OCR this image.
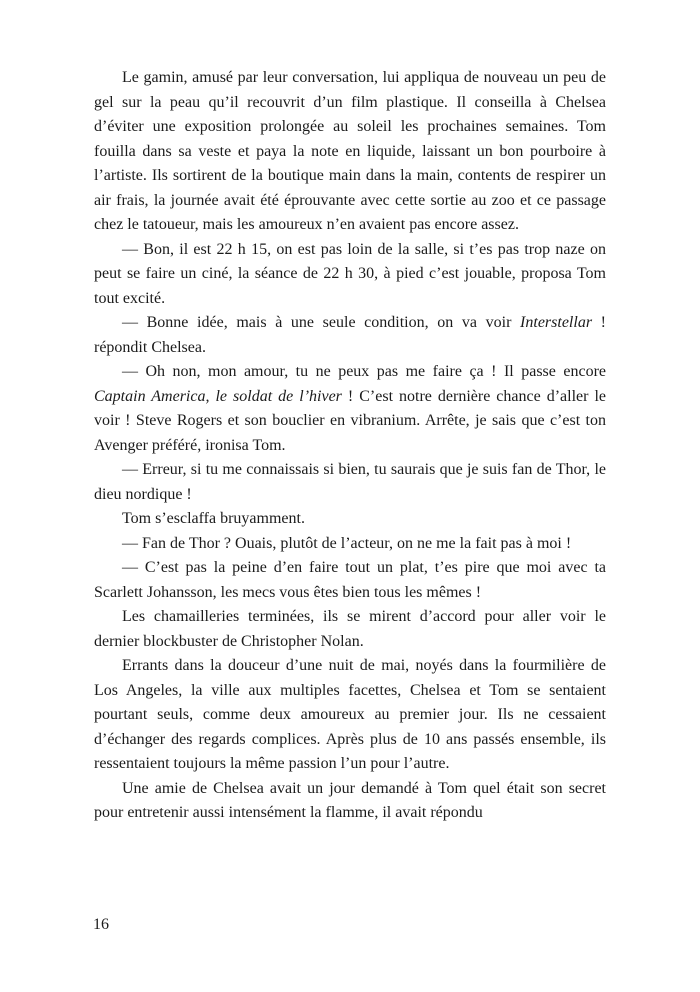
Le gamin, amusé par leur conversation, lui appliqua de nouveau un peu de gel sur la peau qu’il recouvrit d’un film plastique. Il conseilla à Chelsea d’éviter une exposition prolongée au soleil les prochaines semaines. Tom fouilla dans sa veste et paya la note en liquide, laissant un bon pourboire à l’artiste. Ils sortirent de la boutique main dans la main, contents de respirer un air frais, la journée avait été éprouvante avec cette sortie au zoo et ce passage chez le tatoueur, mais les amoureux n’en avaient pas encore assez.

— Bon, il est 22 h 15, on est pas loin de la salle, si t’es pas trop naze on peut se faire un ciné, la séance de 22 h 30, à pied c’est jouable, proposa Tom tout excité.

— Bonne idée, mais à une seule condition, on va voir Interstellar ! répondit Chelsea.

— Oh non, mon amour, tu ne peux pas me faire ça ! Il passe encore Captain America, le soldat de l’hiver ! C’est notre dernière chance d’aller le voir ! Steve Rogers et son bouclier en vibranium. Arrête, je sais que c’est ton Avenger préféré, ironisa Tom.

— Erreur, si tu me connaissais si bien, tu saurais que je suis fan de Thor, le dieu nordique !

Tom s’esclaffa bruyamment.

— Fan de Thor ? Ouais, plutôt de l’acteur, on ne me la fait pas à moi !

— C’est pas la peine d’en faire tout un plat, t’es pire que moi avec ta Scarlett Johansson, les mecs vous êtes bien tous les mêmes !

Les chamailleries terminées, ils se mirent d’accord pour aller voir le dernier blockbuster de Christopher Nolan.

Errants dans la douceur d’une nuit de mai, noyés dans la fourmilière de Los Angeles, la ville aux multiples facettes, Chelsea et Tom se sentaient pourtant seuls, comme deux amoureux au premier jour. Ils ne cessaient d’échanger des regards complices. Après plus de 10 ans passés ensemble, ils ressentaient toujours la même passion l’un pour l’autre.

Une amie de Chelsea avait un jour demandé à Tom quel était son secret pour entretenir aussi intensément la flamme, il avait répondu

16
